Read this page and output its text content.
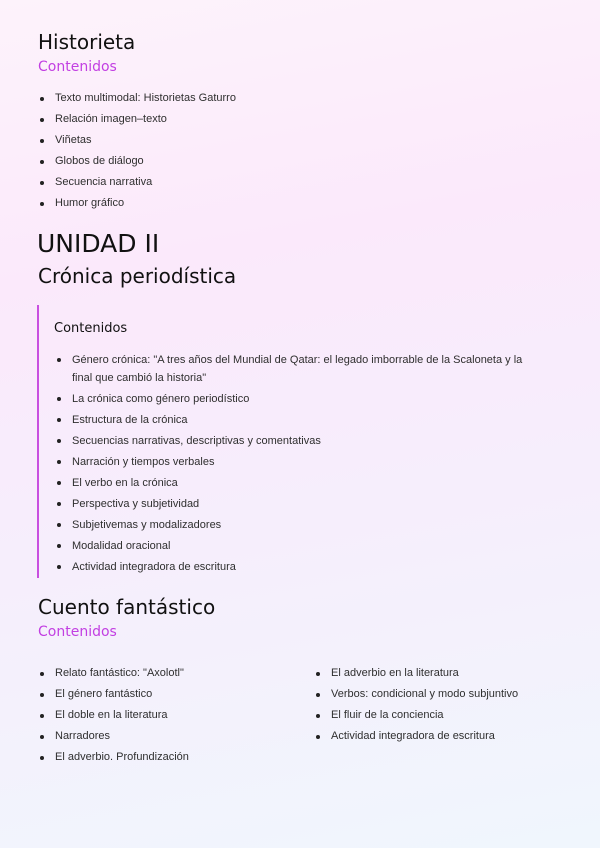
Historieta
Contenidos
Texto multimodal: Historietas Gaturro
Relación imagen–texto
Viñetas
Globos de diálogo
Secuencia narrativa
Humor gráfico
UNIDAD II
Crónica periodística
Contenidos
Género crónica: "A tres años del Mundial de Qatar: el legado imborrable de la Scaloneta y la final que cambió la historia"
La crónica como género periodístico
Estructura de la crónica
Secuencias narrativas, descriptivas y comentativas
Narración y tiempos verbales
El verbo en la crónica
Perspectiva y subjetividad
Subjetivemas y modalizadores
Modalidad oracional
Actividad integradora de escritura
Cuento fantástico
Contenidos
Relato fantástico: "Axolotl"
El género fantástico
El doble en la literatura
Narradores
El adverbio. Profundización
El adverbio en la literatura
Verbos: condicional y modo subjuntivo
El fluir de la conciencia
Actividad integradora de escritura
